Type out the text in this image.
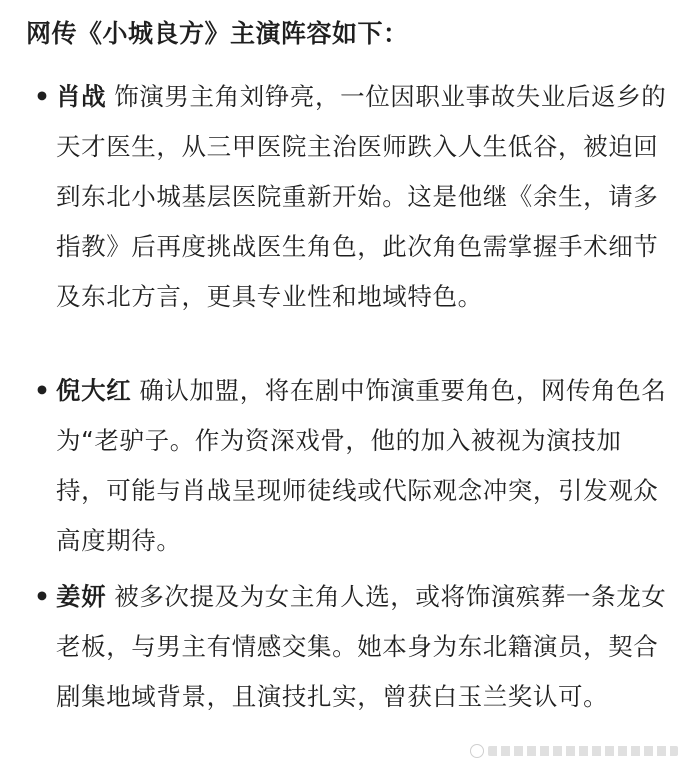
网传《小城良方》主演阵容如下：
• 肖战 饰演男主角刘铮亮，一位因职业事故失业后返乡的天才医生，从三甲医院主治医师跌入人生低谷，被迫回到东北小城基层医院重新开始。这是他继《余生，请多指教》后再度挑战医生角色，此次角色需掌握手术细节及东北方言，更具专业性和地域特色。
• 倪大红 确认加盟，将在剧中饰演重要角色，网传角色名为“老驴子。作为资深戏骨，他的加入被视为演技加持，可能与肖战呈现师徒线或代际观念冲突，引发观众高度期待。
• 姜妍 被多次提及为女主角人选，或将饰演殡葬一条龙女老板，与男主有情感交集。她本身为东北籍演员，契合剧集地域背景，且演技扎实，曾获白玉兰奖认可。
